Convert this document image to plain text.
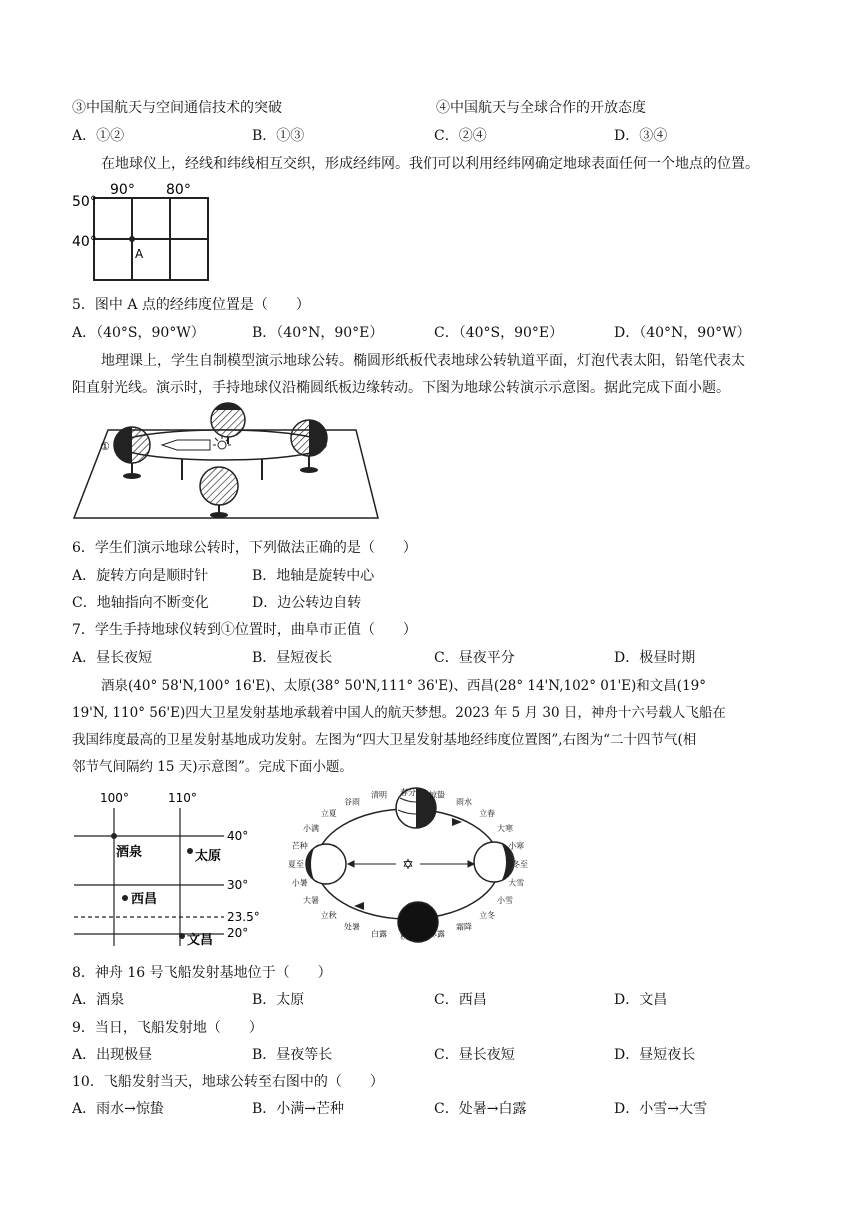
③中国航天与空间通信技术的突破	④中国航天与全球合作的开放态度
A．①②	B．①③	C．②④	D．③④
在地球仪上，经线和纬线相互交织，形成经纬网。我们可以利用经纬网确定地球表面任何一个地点的位置。
90° 80°
50°
40°
A
5．图中 A 点的经纬度位置是（　　）
A．（40°S，90°W）	B．（40°N，90°E）	C．（40°S，90°E）	D．（40°N，90°W）
地理课上，学生自制模型演示地球公转。椭圆形纸板代表地球公转轨道平面，灯泡代表太阳，铅笔代表太
阳直射光线。演示时，手持地球仪沿椭圆纸板边缘转动。下图为地球公转演示示意图。据此完成下面小题。
①
6．学生们演示地球公转时，下列做法正确的是（　　）
A．旋转方向是顺时针	B．地轴是旋转中心
C．地轴指向不断变化	D．边公转边自转
7．学生手持地球仪转到①位置时，曲阜市正值（　　）
A．昼长夜短	B．昼短夜长	C．昼夜平分	D．极昼时期
酒泉(40° 58'N,100° 16'E)、太原(38° 50'N,111° 36'E)、西昌(28° 14'N,102° 01'E)和文昌(19°
19'N, 110° 56'E)四大卫星发射基地承载着中国人的航天梦想。2023 年 5 月 30 日，神舟十六号载人飞船在
我国纬度最高的卫星发射基地成功发射。左图为“四大卫星发射基地经纬度位置图”,右图为“二十四节气(相
邻节气间隔约 15 天)示意图”。完成下面小题。
100°	110°
40°
30°
23.5°
20°
酒泉	太原
西昌
文昌
✡
春分 惊蛰
雨水
立春
大寒
小寒
冬至
大雪
小雪
立冬
霜降
寒露
秋分
白露
处暑
立秋
大暑
小暑
夏至
芒种
小满
立夏
谷雨
清明
8．神舟 16 号飞船发射基地位于（　　）
A．酒泉	B．太原	C．西昌	D．文昌
9．当日，飞船发射地（　　）
A．出现极昼	B．昼夜等长	C．昼长夜短	D．昼短夜长
10．飞船发射当天，地球公转至右图中的（　　）
A．雨水→惊蛰	B．小满→芒种	C．处暑→白露	D．小雪→大雪
